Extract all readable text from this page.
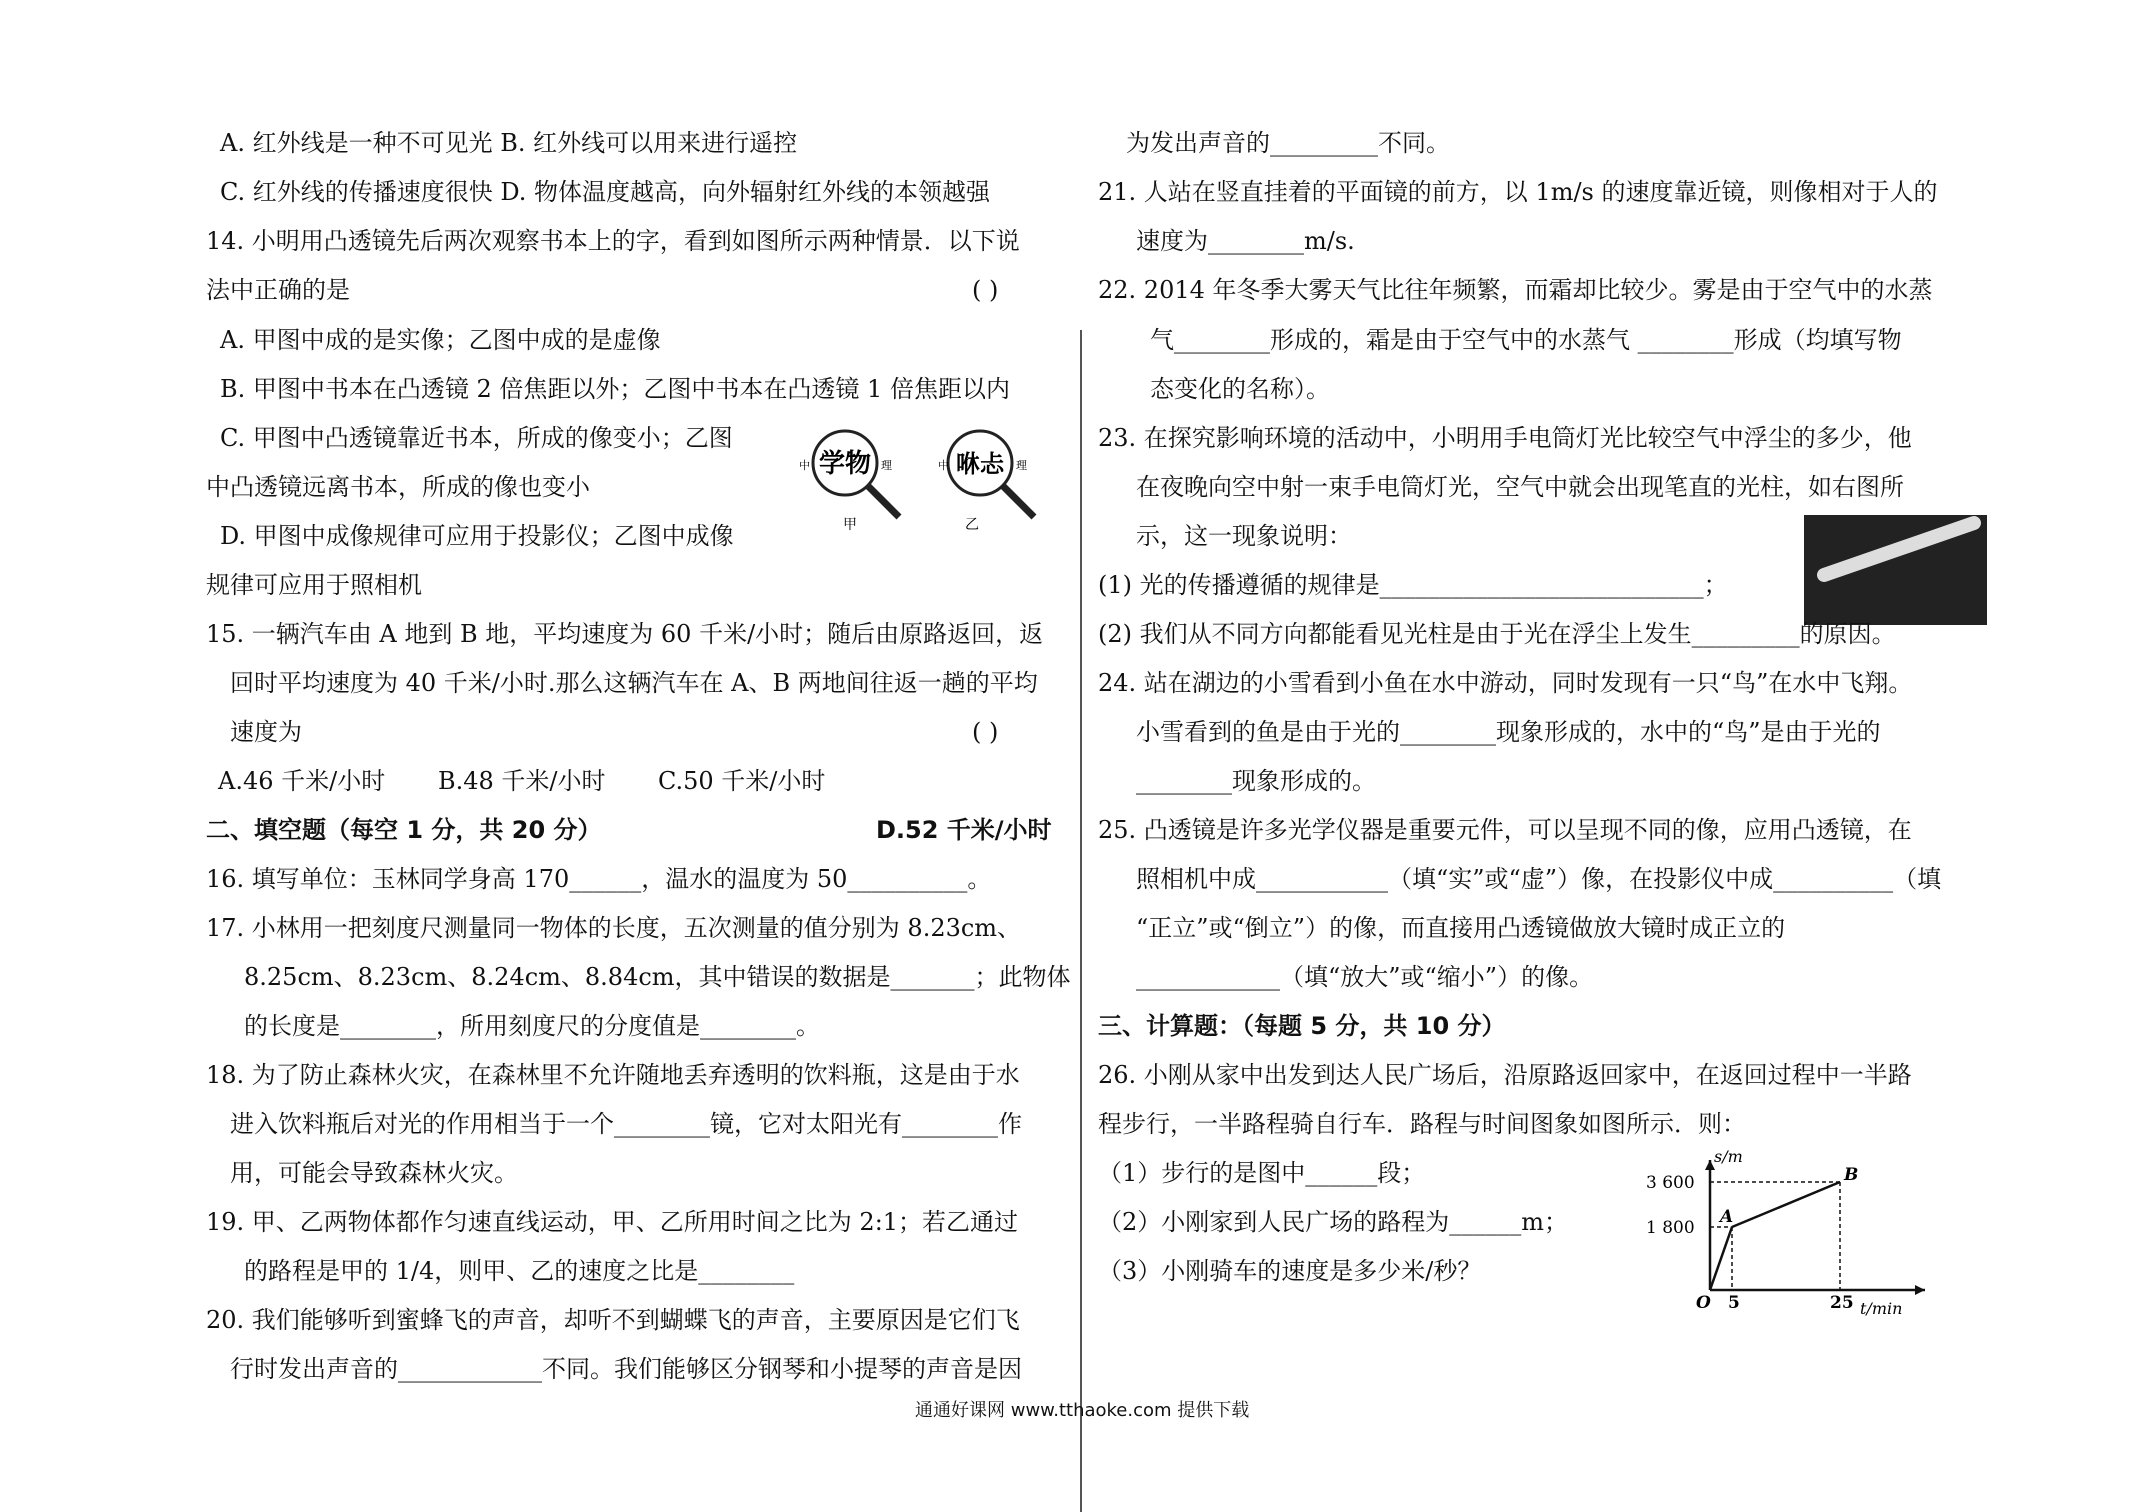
A. 红外线是一种不可见光 B. 红外线可以用来进行遥控
C. 红外线的传播速度很快 D. 物体温度越高，向外辐射红外线的本领越强
14. 小明用凸透镜先后两次观察书本上的字，看到如图所示两种情景．以下说
法中正确的是	( )
A. 甲图中成的是实像；乙图中成的是虚像
B. 甲图中书本在凸透镜 2 倍焦距以外；乙图中书本在凸透镜 1 倍焦距以内
C. 甲图中凸透镜靠近书本，所成的像变小；乙图
中凸透镜远离书本，所成的像也变小
D. 甲图中成像规律可应用于投影仪；乙图中成像
规律可应用于照相机
学物	咻忐
中	理	中	理
甲	乙
15. 一辆汽车由 A 地到 B 地，平均速度为 60 千米/小时；随后由原路返回，返
回时平均速度为 40 千米/小时.那么这辆汽车在 A、B 两地间往返一趟的平均
速度为	( )
A.46 千米/小时 B.48 千米/小时 C.50 千米/小时
二、填空题（每空 1 分，共 20 分）	D.52 千米/小时
16. 填写单位：玉林同学身高 170______，温水的温度为 50__________。
17. 小林用一把刻度尺测量同一物体的长度，五次测量的值分别为 8.23cm、
8.25cm、8.23cm、8.24cm、8.84cm，其中错误的数据是_______；此物体
的长度是________，所用刻度尺的分度值是________。
18. 为了防止森林火灾，在森林里不允许随地丢弃透明的饮料瓶，这是由于水
进入饮料瓶后对光的作用相当于一个________镜，它对太阳光有________作
用，可能会导致森林火灾。
19. 甲、乙两物体都作匀速直线运动，甲、乙所用时间之比为 2:1；若乙通过
的路程是甲的 1/4，则甲、乙的速度之比是________
20. 我们能够听到蜜蜂飞的声音，却听不到蝴蝶飞的声音，主要原因是它们飞
行时发出声音的____________不同。我们能够区分钢琴和小提琴的声音是因
为发出声音的_________不同。
21. 人站在竖直挂着的平面镜的前方，以 1m/s 的速度靠近镜，则像相对于人的
速度为________m/s.
22. 2014 年冬季大雾天气比往年频繁，而霜却比较少。雾是由于空气中的水蒸
气________形成的，霜是由于空气中的水蒸气 ________形成（均填写物
态变化的名称）。
23. 在探究影响环境的活动中，小明用手电筒灯光比较空气中浮尘的多少，他
在夜晚向空中射一束手电筒灯光，空气中就会出现笔直的光柱，如右图所
示，这一现象说明：
(1) 光的传播遵循的规律是___________________________；
(2) 我们从不同方向都能看见光柱是由于光在浮尘上发生_________的原因。
24. 站在湖边的小雪看到小鱼在水中游动，同时发现有一只“鸟”在水中飞翔。
小雪看到的鱼是由于光的________现象形成的，水中的“鸟”是由于光的
________现象形成的。
25. 凸透镜是许多光学仪器是重要元件，可以呈现不同的像，应用凸透镜，在
照相机中成___________（填“实”或“虚”）像，在投影仪中成__________（填
“正立”或“倒立”）的像，而直接用凸透镜做放大镜时成正立的
____________（填“放大”或“缩小”）的像。
三、计算题：（每题 5 分，共 10 分）
26. 小刚从家中出发到达人民广场后，沿原路返回家中，在返回过程中一半路
程步行，一半路程骑自行车．路程与时间图象如图所示．则：
（1）步行的是图中______段；
（2）小刚家到人民广场的路程为______m；
（3）小刚骑车的速度是多少米/秒？
s/m
t/min
O
A
B
3 600
1 800
5	25
通通好课网 www.tthaoke.com 提供下载
